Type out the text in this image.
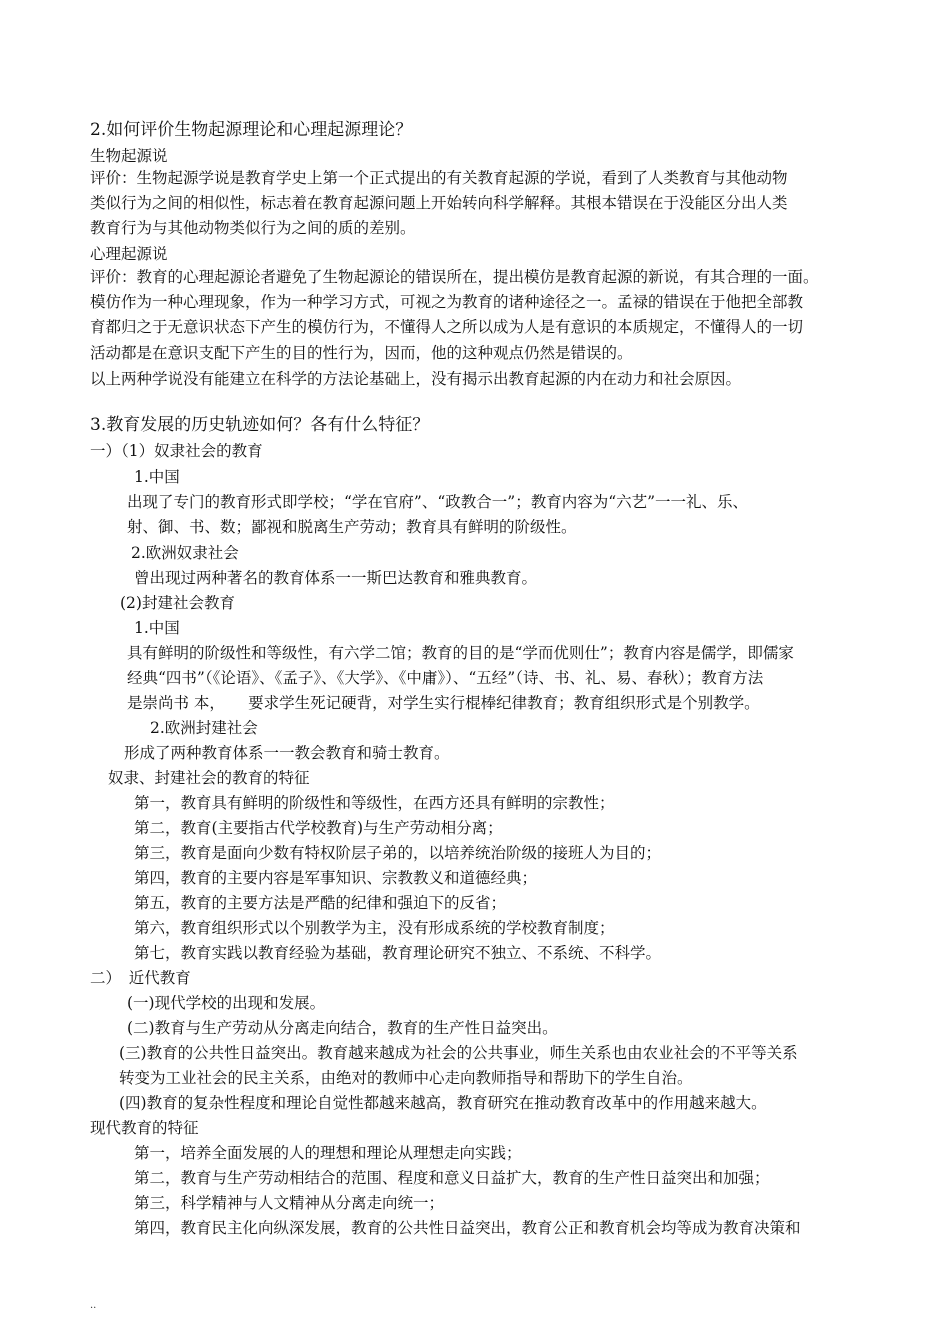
2.如何评价生物起源理论和心理起源理论？
生物起源说
评价：生物起源学说是教育学史上第一个正式提出的有关教育起源的学说，看到了人类教育与其他动物
类似行为之间的相似性，标志着在教育起源问题上开始转向科学解释。其根本错误在于没能区分出人类
教育行为与其他动物类似行为之间的质的差别。
心理起源说
评价：教育的心理起源论者避免了生物起源论的错误所在，提出模仿是教育起源的新说，有其合理的一面。
模仿作为一种心理现象，作为一种学习方式，可视之为教育的诸种途径之一。孟禄的错误在于他把全部教
育都归之于无意识状态下产生的模仿行为，不懂得人之所以成为人是有意识的本质规定，不懂得人的一切
活动都是在意识支配下产生的目的性行为，因而，他的这种观点仍然是错误的。
以上两种学说没有能建立在科学的方法论基础上，没有揭示出教育起源的内在动力和社会原因。
3.教育发展的历史轨迹如何？各有什么特征？
一）（1）奴隶社会的教育
1.中国
出现了专门的教育形式即学校；“学在官府”、“政教合一”；教育内容为“六艺”一一礼、乐、
射、御、书、数；鄙视和脱离生产劳动；教育具有鲜明的阶级性。
2.欧洲奴隶社会
曾出现过两种著名的教育体系一一斯巴达教育和雅典教育。
(2)封建社会教育
1.中国
具有鲜明的阶级性和等级性，有六学二馆；教育的目的是“学而优则仕”；教育内容是儒学，即儒家
经典“四书”（《论语》、《孟子》、《大学》、《中庸》）、“五经”（诗、书、礼、易、春秋）；教育方法
是崇尚书 本，　　要求学生死记硬背，对学生实行棍棒纪律教育；教育组织形式是个别教学。
2.欧洲封建社会
形成了两种教育体系一一教会教育和骑士教育。
奴隶、封建社会的教育的特征
第一，教育具有鲜明的阶级性和等级性，在西方还具有鲜明的宗教性；
第二，教育(主要指古代学校教育)与生产劳动相分离；
第三，教育是面向少数有特权阶层子弟的，以培养统治阶级的接班人为目的；
第四，教育的主要内容是军事知识、宗教教义和道德经典；
第五，教育的主要方法是严酷的纪律和强迫下的反省；
第六，教育组织形式以个别教学为主，没有形成系统的学校教育制度；
第七，教育实践以教育经验为基础，教育理论研究不独立、不系统、不科学。
二）　近代教育
(一)现代学校的出现和发展。
(二)教育与生产劳动从分离走向结合，教育的生产性日益突出。
(三)教育的公共性日益突出。教育越来越成为社会的公共事业，师生关系也由农业社会的不平等关系
转变为工业社会的民主关系，由绝对的教师中心走向教师指导和帮助下的学生自治。
(四)教育的复杂性程度和理论自觉性都越来越高，教育研究在推动教育改革中的作用越来越大。
现代教育的特征
第一，培养全面发展的人的理想和理论从理想走向实践；
第二，教育与生产劳动相结合的范围、程度和意义日益扩大，教育的生产性日益突出和加强；
第三，科学精神与人文精神从分离走向统一；
第四，教育民主化向纵深发展，教育的公共性日益突出，教育公正和教育机会均等成为教育决策和
..
